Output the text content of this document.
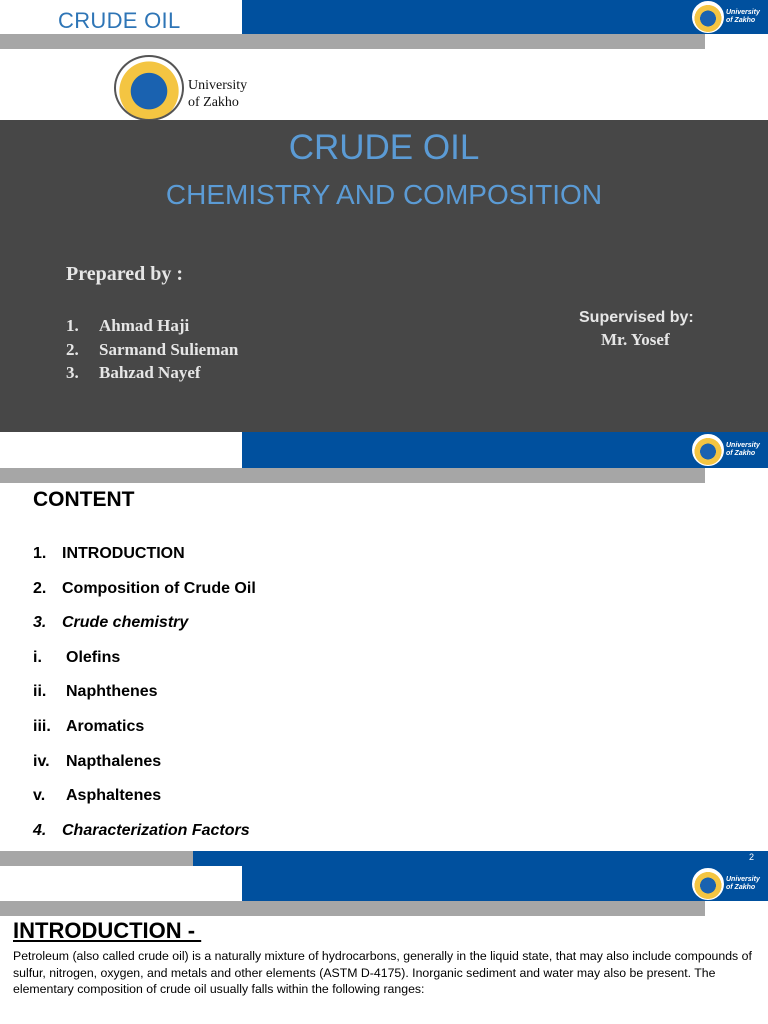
CRUDE OIL	University
of Zakho
University
of Zakho
CRUDE OIL
CHEMISTRY AND COMPOSITION
Prepared by :
1. Ahmad Haji
2. Sarmand Sulieman
3. Bahzad Nayef
Supervised by:
Mr. Yosef
University
of Zakho
CONTENT
1. INTRODUCTION
2. Composition of Crude Oil
3. Crude chemistry
i. Olefins
ii. Naphthenes
iii. Aromatics
iv. Napthalenes
v. Asphaltenes
4. Characterization Factors
2
University
of Zakho
INTRODUCTION -
Petroleum (also called crude oil) is a naturally mixture of hydrocarbons, generally in the liquid state, that may also include compounds of sulfur, nitrogen, oxygen, and metals and other elements (ASTM D-4175). Inorganic sediment and water may also be present. The elementary composition of crude oil usually falls within the following ranges:
